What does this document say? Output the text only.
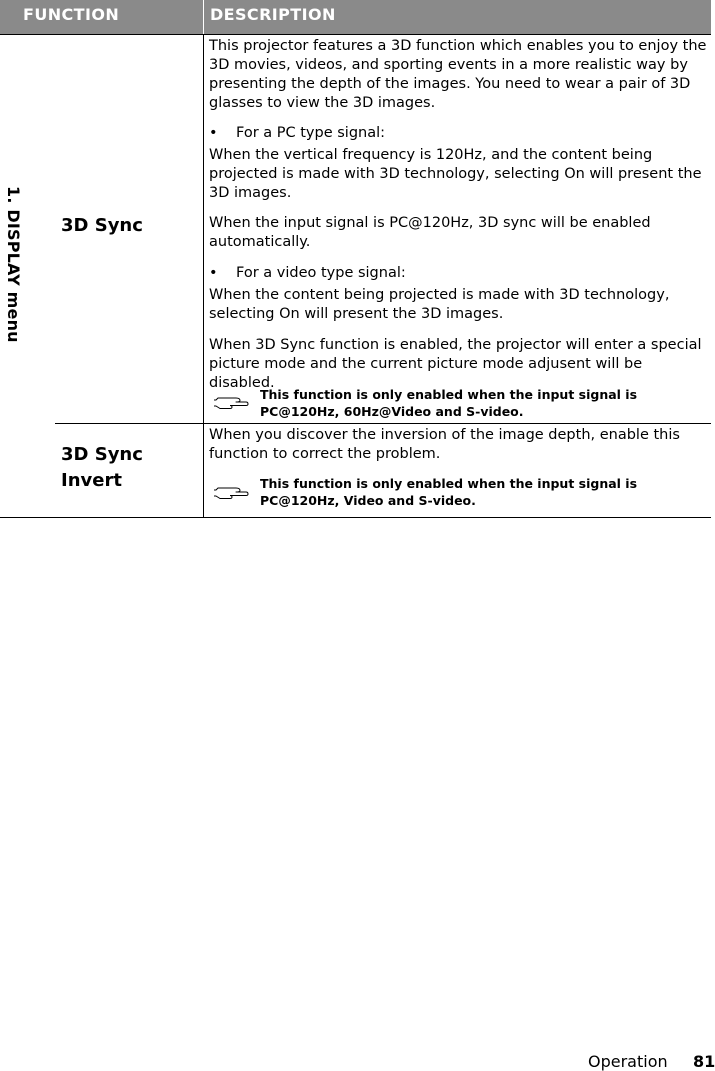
FUNCTION	DESCRIPTION
1. DISPLAY menu 3D Sync
This projector features a 3D function which enables you to enjoy the 3D movies, videos, and sporting events in a more realistic way by presenting the depth of the images. You need to wear a pair of 3D glasses to view the 3D images.
• For a PC type signal:
When the vertical frequency is 120Hz, and the content being projected is made with 3D technology, selecting On will present the 3D images.
When the input signal is PC@120Hz, 3D sync will be enabled automatically.
• For a video type signal:
When the content being projected is made with 3D technology, selecting On will present the 3D images.
When 3D Sync function is enabled, the projector will enter a special picture mode and the current picture mode adjusent will be disabled.
This function is only enabled when the input signal is PC@120Hz, 60Hz@Video and S-video.
3D Sync
Invert
When you discover the inversion of the image depth, enable this function to correct the problem.
This function is only enabled when the input signal is PC@120Hz, Video and S-video.
Operation 81
